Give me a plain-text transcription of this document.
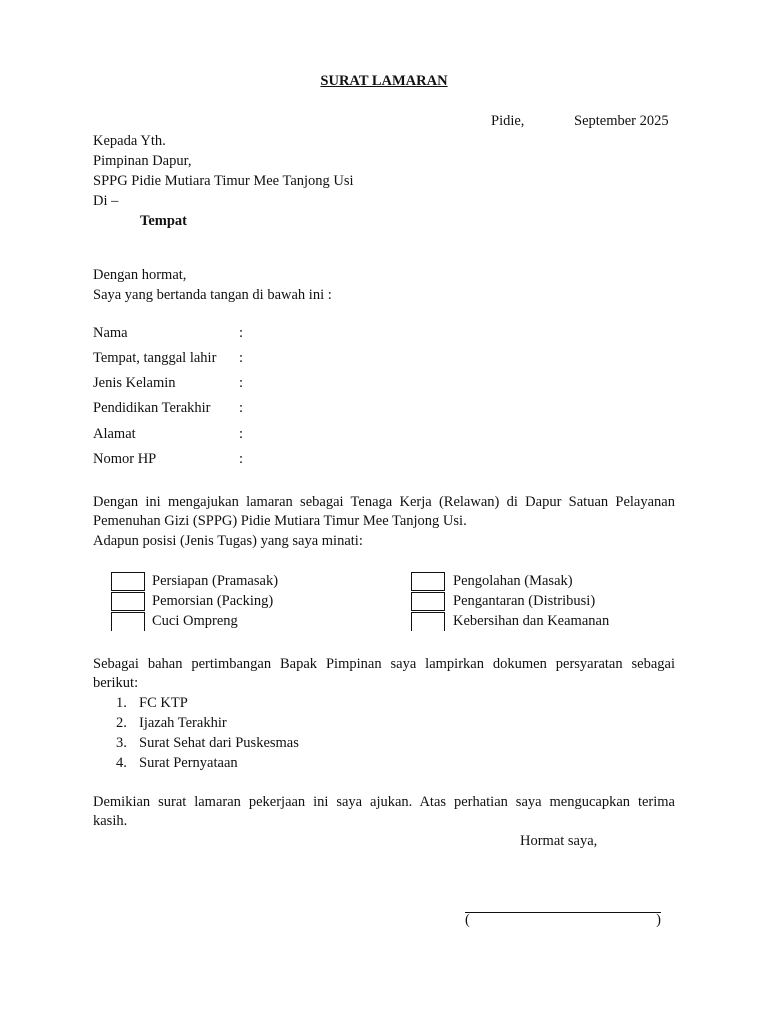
SURAT LAMARAN
Pidie,	September 2025
Kepada Yth.
Pimpinan Dapur,
SPPG Pidie Mutiara Timur Mee Tanjong Usi
Di –
Tempat
Dengan hormat,
Saya yang bertanda tangan di bawah ini :
Nama	:
Tempat, tanggal lahir :
Jenis Kelamin	:
Pendidikan Terakhir :
Alamat	:
Nomor HP	:
Dengan ini mengajukan lamaran sebagai Tenaga Kerja (Relawan) di Dapur Satuan Pelayanan
Pemenuhan Gizi (SPPG) Pidie Mutiara Timur Mee Tanjong Usi.
Adapun posisi (Jenis Tugas) yang saya minati:
Persiapan (Pramasak)
Pemorsian (Packing)
Cuci Ompreng
Pengolahan (Masak)
Pengantaran (Distribusi)
Kebersihan dan Keamanan
Sebagai bahan pertimbangan Bapak Pimpinan saya lampirkan dokumen persyaratan sebagai
berikut:
1. FC KTP
2. Ijazah Terakhir
3. Surat Sehat dari Puskesmas
4. Surat Pernyataan
Demikian surat lamaran pekerjaan ini saya ajukan. Atas perhatian saya mengucapkan terima
kasih.
Hormat saya,
(	)
